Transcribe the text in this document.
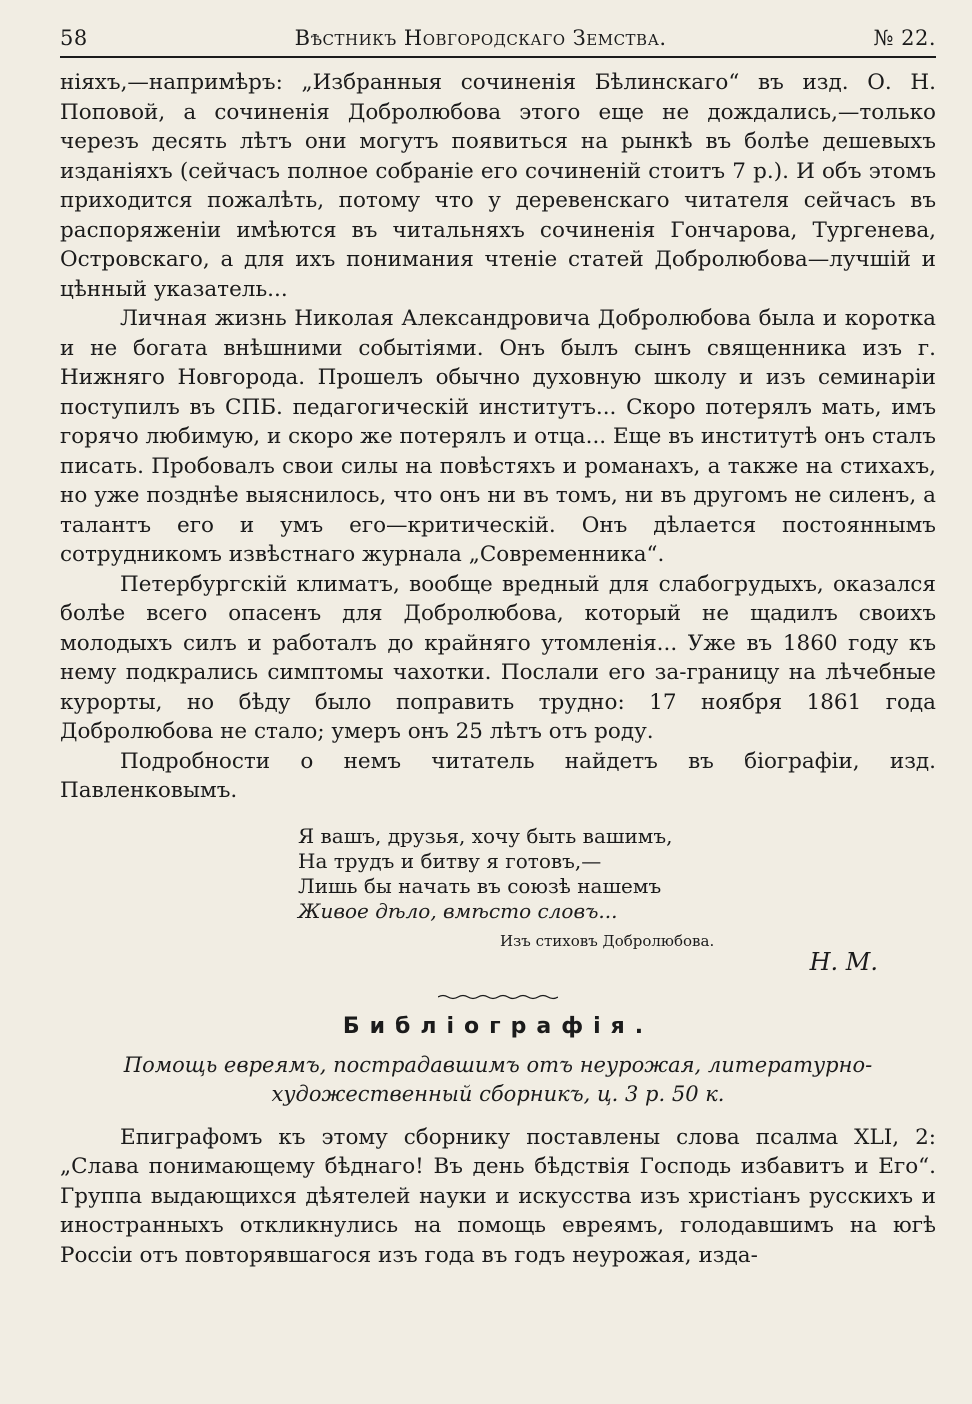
58	Вѣстникъ Новгородскаго Земства.	№ 22.

ніяхъ,—напримѣръ: „Избранныя сочиненія Бѣлинскаго“ въ изд. О. Н. Поповой, а сочиненія Добролюбова этого еще не дождались,—только черезъ десять лѣтъ они могутъ появиться на рынкѣ въ болѣе дешевыхъ изданіяхъ (сейчасъ полное собраніе его сочиненій стоитъ 7 р.). И объ этомъ приходится пожалѣть, потому что у деревенскаго читателя сейчасъ въ распоряженіи имѣются въ читальняхъ сочиненія Гончарова, Тургенева, Островскаго, а для ихъ понимания чтеніе статей Добролюбова—лучшій и цѣнный указатель...

Личная жизнь Николая Александровича Добролюбова была и коротка и не богата внѣшними событіями. Онъ былъ сынъ священника изъ г. Нижняго Новгорода. Прошелъ обычно духовную школу и изъ семинаріи поступилъ въ СПБ. педагогическій институтъ... Скоро потерялъ мать, имъ горячо любимую, и скоро же потерялъ и отца... Еще въ институтѣ онъ сталъ писать. Пробовалъ свои силы на повѣстяхъ и романахъ, а также на стихахъ, но уже позднѣе выяснилось, что онъ ни въ томъ, ни въ другомъ не силенъ, а талантъ его и умъ его—критическій. Онъ дѣлается постояннымъ сотрудникомъ извѣстнаго журнала „Современника“.

Петербургскій климатъ, вообще вредный для слабогрудыхъ, оказался болѣе всего опасенъ для Добролюбова, который не щадилъ своихъ молодыхъ силъ и работалъ до крайняго утомленія... Уже въ 1860 году къ нему подкрались симптомы чахотки. Послали его за-границу на лѣчебные курорты, но бѣду было поправить трудно: 17 ноября 1861 года Добролюбова не стало; умеръ онъ 25 лѣтъ отъ роду.

Подробности о немъ читатель найдетъ въ біографіи, изд. Павленковымъ.

Я вашъ, друзья, хочу быть вашимъ,
На трудъ и битву я готовъ,—
Лишь бы начать въ союзѣ нашемъ
Живое дѣло, вмѣсто словъ...
Изъ стиховъ Добролюбова.
Н. М.
Библіографія.
Помощь евреямъ, пострадавшимъ отъ неурожая, литературно-художественный сборникъ, ц. 3 р. 50 к.

Епиграфомъ къ этому сборнику поставлены слова псалма XLI, 2: „Слава понимающему бѣднаго! Въ день бѣдствія Господь избавитъ и Его“. Группа выдающихся дѣятелей науки и искусства изъ христіанъ русскихъ и иностранныхъ откликнулись на помощь евреямъ, голодавшимъ на югѣ Россіи отъ повторявшагося изъ года въ годъ неурожая, изда-
